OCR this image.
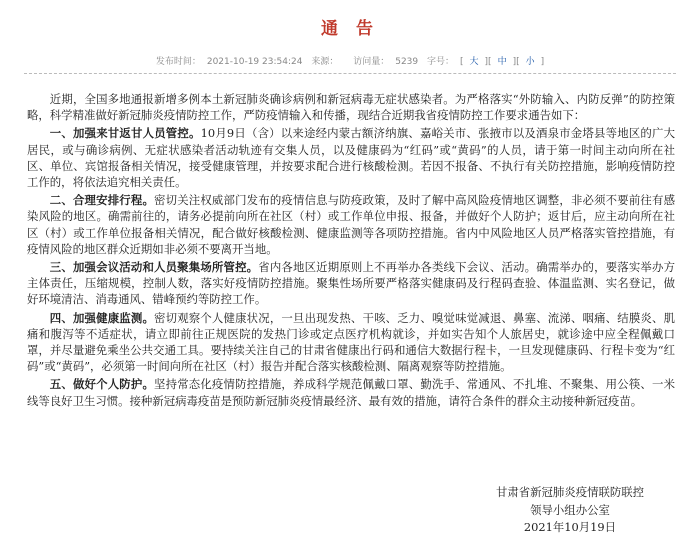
通 告
发布时间： 2021-10-19 23:54:24 来源： 访问量： 5239 字号： [ 大 ][ 中 ][ 小 ]

近期，全国多地通报新增多例本土新冠肺炎确诊病例和新冠病毒无症状感染者。为严格落实“外防输入、内防反弹”的防控策略，科学精准做好新冠肺炎疫情防控工作，严防疫情输入和传播，现结合近期我省疫情防控工作要求通告如下：

一、加强来甘返甘人员管控。10月9日（含）以来途经内蒙古额济纳旗、嘉峪关市、张掖市以及酒泉市金塔县等地区的广大居民，或与确诊病例、无症状感染者活动轨迹有交集人员，以及健康码为“红码”或“黄码”的人员，请于第一时间主动向所在社区、单位、宾馆报备相关情况，接受健康管理，并按要求配合进行核酸检测。若因不报备、不执行有关防控措施，影响疫情防控工作的，将依法追究相关责任。

二、合理安排行程。密切关注权威部门发布的疫情信息与防疫政策，及时了解中高风险疫情地区调整，非必须不要前往有感染风险的地区。确需前往的，请务必提前向所在社区（村）或工作单位申报、报备，并做好个人防护；返甘后，应主动向所在社区（村）或工作单位报备相关情况，配合做好核酸检测、健康监测等各项防控措施。省内中风险地区人员严格落实管控措施，有疫情风险的地区群众近期如非必须不要离开当地。

三、加强会议活动和人员聚集场所管控。省内各地区近期原则上不再举办各类线下会议、活动。确需举办的，要落实举办方主体责任，压缩规模，控制人数，落实好疫情防控措施。聚集性场所要严格落实健康码及行程码查验、体温监测、实名登记，做好环境清洁、消毒通风、错峰预约等防控工作。

四、加强健康监测。密切观察个人健康状况，一旦出现发热、干咳、乏力、嗅觉味觉减退、鼻塞、流涕、咽痛、结膜炎、肌痛和腹泻等不适症状，请立即前往正规医院的发热门诊或定点医疗机构就诊，并如实告知个人旅居史，就诊途中应全程佩戴口罩，并尽量避免乘坐公共交通工具。要持续关注自己的甘肃省健康出行码和通信大数据行程卡，一旦发现健康码、行程卡变为“红码”或“黄码”，必须第一时间向所在社区（村）报告并配合落实核酸检测、隔离观察等防控措施。

五、做好个人防护。坚持常态化疫情防控措施，养成科学规范佩戴口罩、勤洗手、常通风、不扎堆、不聚集、用公筷、一米线等良好卫生习惯。接种新冠病毒疫苗是预防新冠肺炎疫情最经济、最有效的措施，请符合条件的群众主动接种新冠疫苗。

甘肃省新冠肺炎疫情联防联控
领导小组办公室
2021年10月19日
